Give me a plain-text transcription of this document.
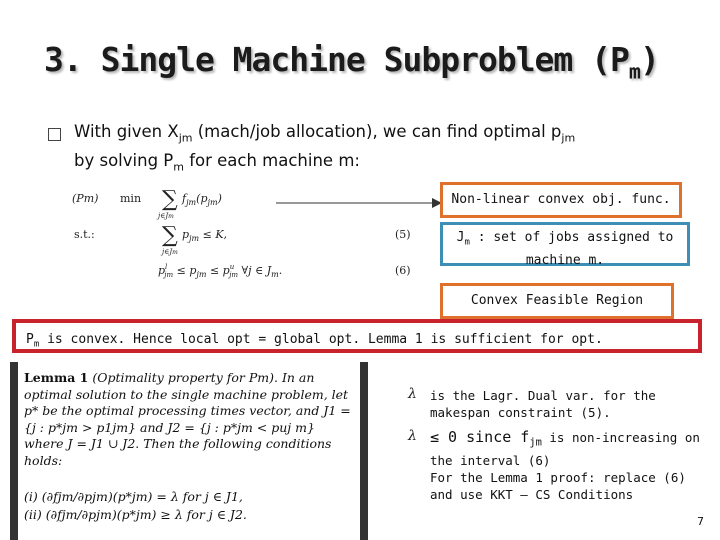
3. Single Machine Subproblem $(P_m)$
With given $X_{jm}$ (mach/job allocation), we can find optimal $p_{jm}$
by solving $P_m$ for each machine m:
(Pm) min ∑ $f_{jm}(p_{jm})$
j∈Jm
s.t.:	∑ $p_{jm} \le K$,
j∈Jm
(5)
$p^l$ jm ≤ $p_{jm} \le p^u$ jm ∀j ∈ $J_m$.	(6)
Non-linear convex obj. func.
$J_m$ : set of jobs assigned to machine m.
Convex Feasible Region
$P_m$ is convex. Hence local opt = global opt. Lemma 1 is sufficient for opt.
Lemma 1 (Optimality property for Pm). In an optimal solution to the single machine problem, let p* be the optimal processing times vector, and J1 = {j : p*jm > p1jm} and J2 = {j : p*jm < puj m} where J = J1 ∪ J2. Then the following conditions holds:
(i) (∂fjm/∂pjm)(p*jm) = λ for j ∈ J1,
(ii) (∂fjm/∂pjm)(p*jm) ≥ λ for j ∈ J2.
λ
λ
is the Lagr. Dual var. for the makespan constraint (5).
≤ 0 since $f_{jm}$ is non-increasing on the interval (6)
For the Lemma 1 proof: replace (6) and use KKT – CS Conditions
7
